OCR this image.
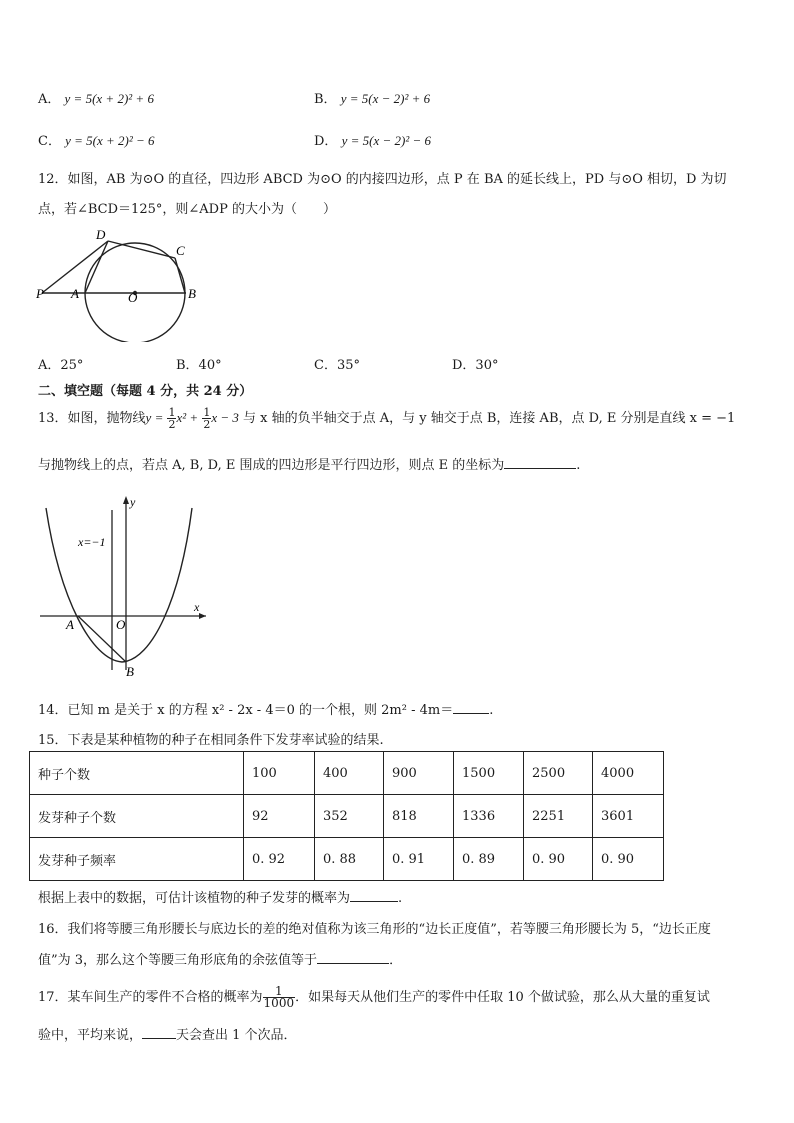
A． y = 5(x + 2)² + 6	B． y = 5(x − 2)² + 6
C． y = 5(x + 2)² − 6	D． y = 5(x − 2)² − 6
12．如图，AB 为⊙O 的直径，四边形 ABCD 为⊙O 的内接四边形，点 P 在 BA 的延长线上，PD 与⊙O 相切，D 为切
点，若∠BCD＝125°，则∠ADP 的大小为（　　）
D
C
P A	O	B
A．25°	B．40°	C．35°	D．30°
二、填空题（每题 4 分，共 24 分）
13．如图，抛物线$y = \frac{1}{2} x^2 + \frac{1}{2}$ x − 3 与 x 轴的负半轴交于点 A，与 y 轴交于点 B，连接 AB，点 D, E 分别是直线 x = −1
与抛物线上的点，若点 A, B, D, E 围成的四边形是平行四边形，则点 E 的坐标为	.
y
x
x=−1
A	O
B
14．已知 m 是关于 x 的方程 x² - 2x - 4＝0 的一个根，则 2m² - 4m＝	.
15．下表是某种植物的种子在相同条件下发芽率试验的结果.
种子个数	100	400	900	1500	2500	4000
发芽种子个数	92	352	818	1336	2251	3601
发芽种子频率	0. 92	0. 88	0. 91	0. 89	0. 90	0. 90
根据上表中的数据，可估计该植物的种子发芽的概率为	.
16．我们将等腰三角形腰长与底边长的差的绝对值称为该三角形的“边长正度值”，若等腰三角形腰长为 5，“边长正度
值”为 3，那么这个等腰三角形底角的余弦值等于	．
17．某车间生产的零件不合格的概率为 $\frac{1}{1000}$ ．如果每天从他们生产的零件中任取 10 个做试验，那么从大量的重复试
验中，平均来说，	天会查出 1 个次品．
